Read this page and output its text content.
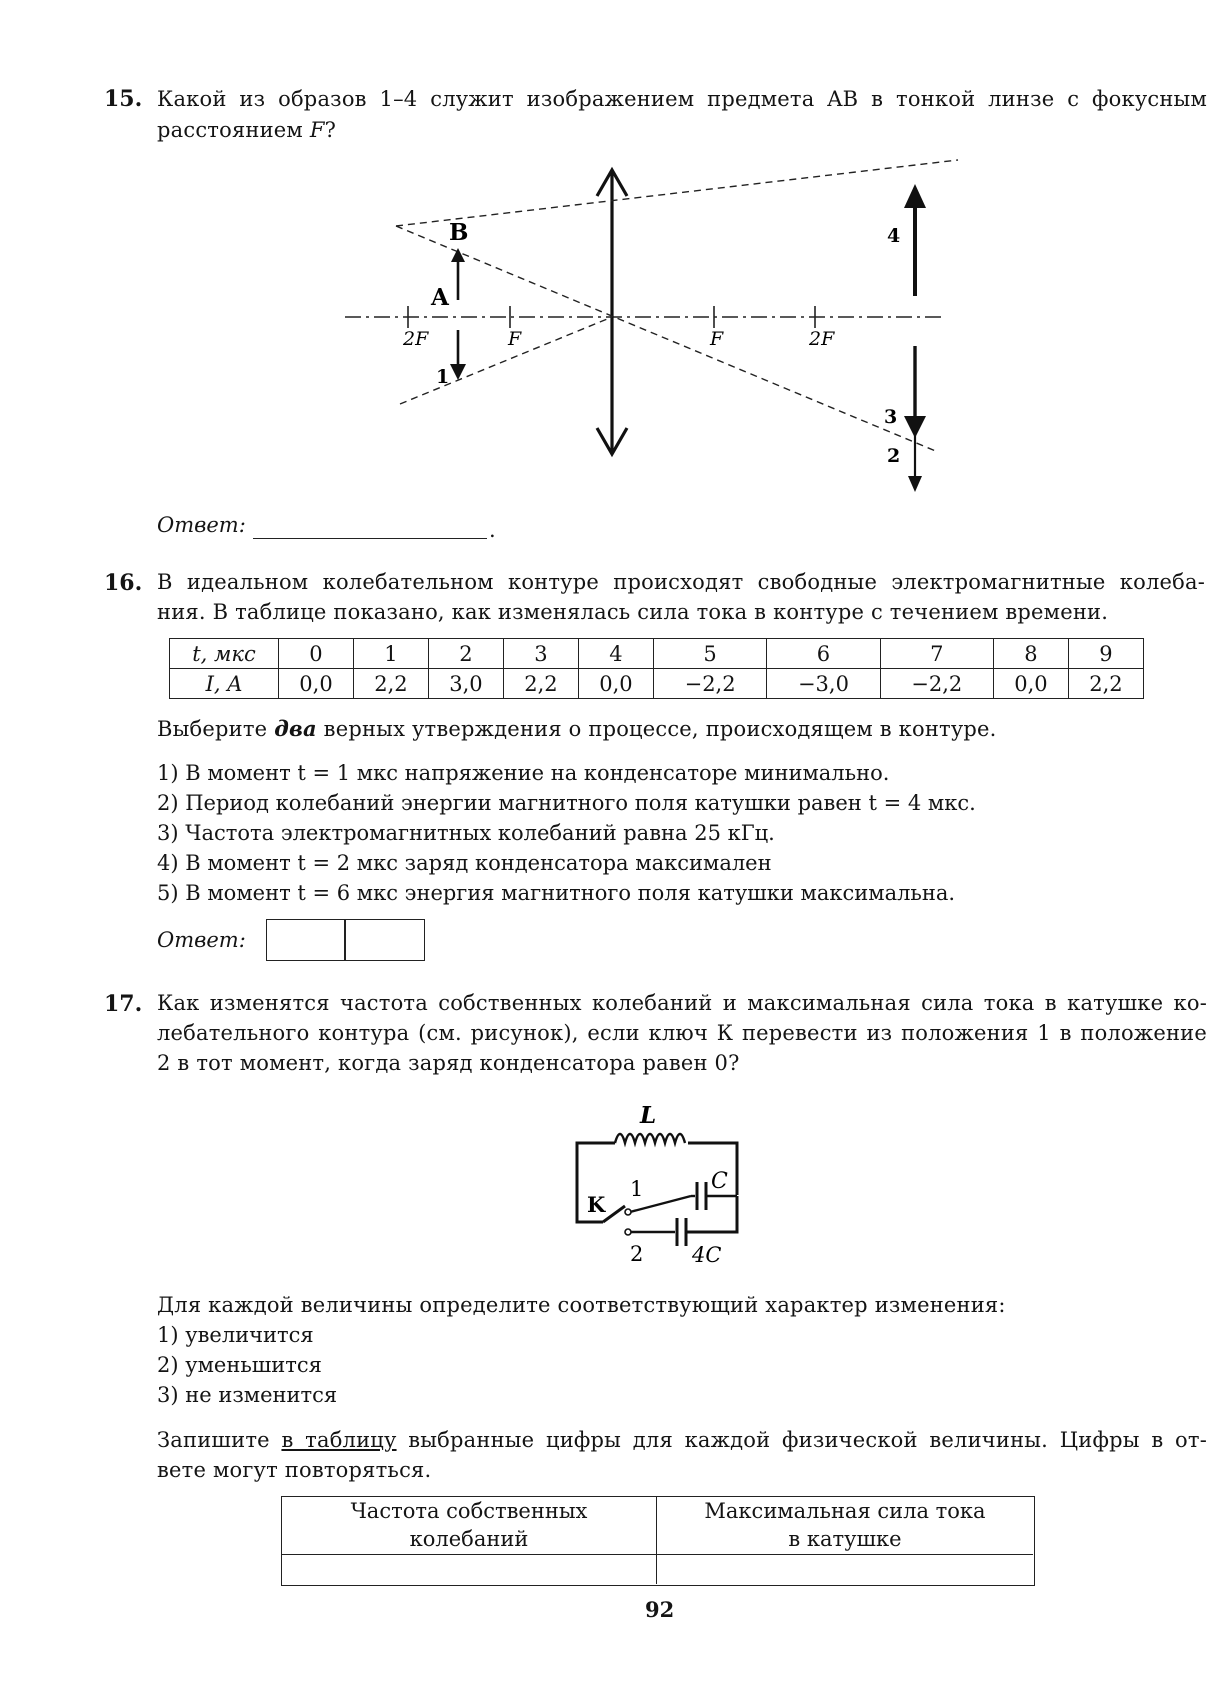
15. Какой из образов 1–4 служит изображением предмета AB в тонкой линзе с фокусным
расстоянием F?
B
A
1
2F	F	F	2F
4
3
2
Ответ:	.
16. В идеальном колебательном контуре происходят свободные электромагнитные колеба-
ния. В таблице показано, как изменялась сила тока в контуре с течением времени.
t, мкс	0	1	2	3	4	5	6	7	8	9
I, A	0,0	2,2	3,0	2,2	0,0	−2,2	−3,0	−2,2	0,0	2,2
Выберите два верных утверждения о процессе, происходящем в контуре.
1) В момент t = 1 мкс напряжение на конденсаторе минимально.
2) Период колебаний энергии магнитного поля катушки равен t = 4 мкс.
3) Частота электромагнитных колебаний равна 25 кГц.
4) В момент t = 2 мкс заряд конденсатора максимален
5) В момент t = 6 мкс энергия магнитного поля катушки максимальна.
Ответ:
17. Как изменятся частота собственных колебаний и максимальная сила тока в катушке ко-
лебательного контура (см. рисунок), если ключ К перевести из положения 1 в положение
2 в тот момент, когда заряд конденсатора равен 0?
L
K
1
2
C
4C
Для каждой величины определите соответствующий характер изменения:
1) увеличится
2) уменьшится
3) не изменится
Запишите в таблицу выбранные цифры для каждой физической величины. Цифры в от-
вете могут повторяться.
Частота собственных
колебаний
Максимальная сила тока
в катушке
92
